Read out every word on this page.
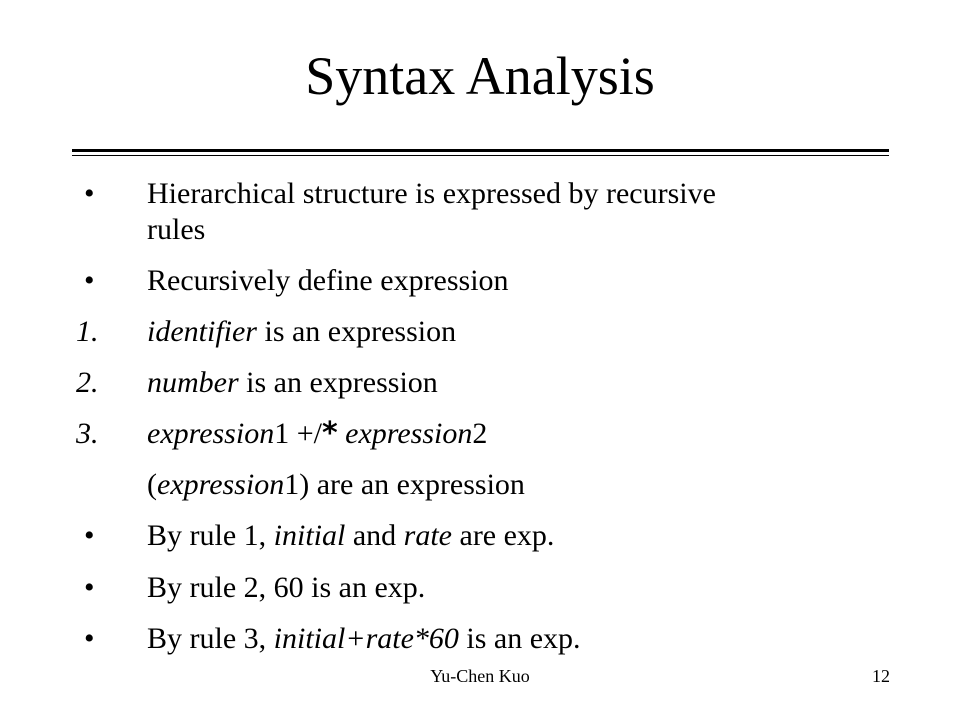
Syntax Analysis
•	Hierarchical structure is expressed by recursive
rules
•	Recursively define expression
1.	identifier is an expression
2.	number is an expression
3.	expression1 +/* expression2
(expression1) are an expression
•	By rule 1, initial and rate are exp.
•	By rule 2, 60 is an exp.
•	By rule 3, initial+rate*60 is an exp.
Yu-Chen Kuo	12
